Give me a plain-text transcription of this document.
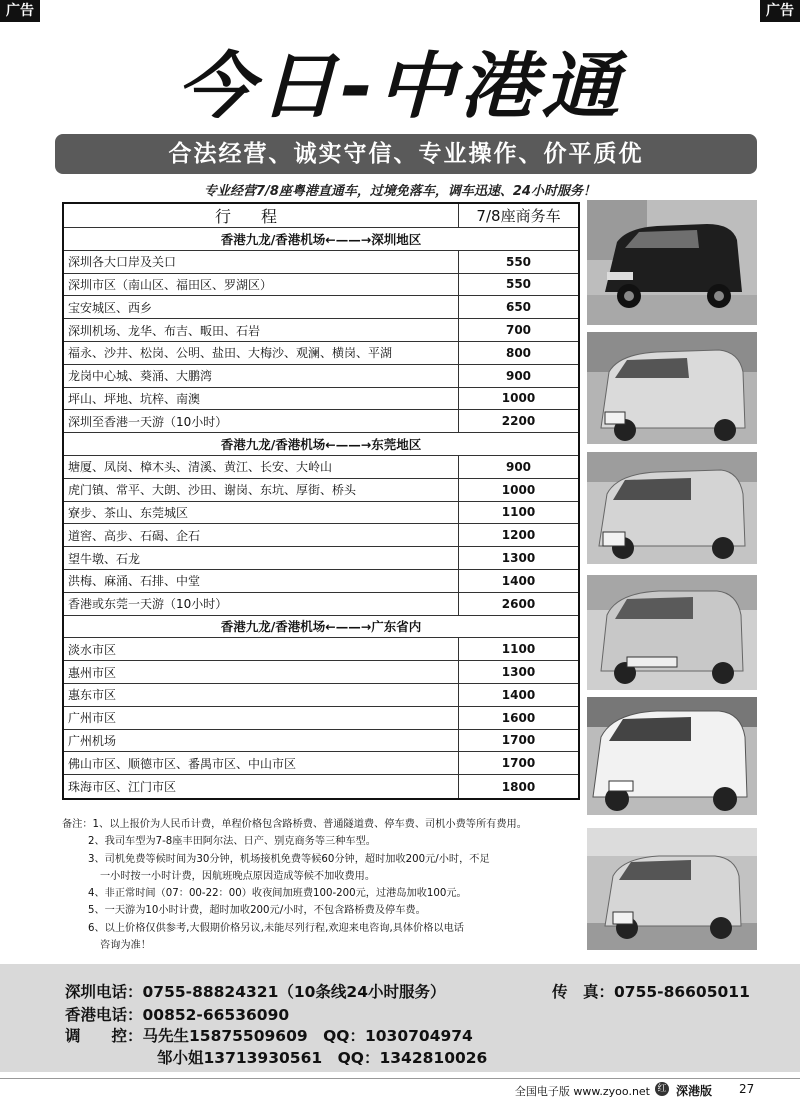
广告	广告
今日-中港通
合法经营、诚实守信、专业操作、价平质优
专业经营7/8座粤港直通车，过境免落车，调车迅速、24小时服务！
行程	7/8座商务车
香港九龙/香港机场←——→深圳地区
深圳各大口岸及关口	550
深圳市区（南山区、福田区、罗湖区）	550
宝安城区、西乡	650
深圳机场、龙华、布吉、畈田、石岩	700
福永、沙井、松岗、公明、盐田、大梅沙、观澜、横岗、平湖	800
龙岗中心城、葵涌、大鹏湾	900
坪山、坪地、坑梓、南澳	1000
深圳至香港一天游（10小时）	2200
香港九龙/香港机场←——→东莞地区
塘厦、凤岗、樟木头、清溪、黄江、长安、大岭山	900
虎门镇、常平、大朗、沙田、谢岗、东坑、厚街、桥头	1000
寮步、茶山、东莞城区	1100
道窖、高步、石碣、企石	1200
望牛墩、石龙	1300
洪梅、麻涌、石排、中堂	1400
香港或东莞一天游（10小时）	2600
香港九龙/香港机场←——→广东省内
淡水市区	1100
惠州市区	1300
惠东市区	1400
广州市区	1600
广州机场	1700
佛山市区、顺德市区、番禺市区、中山市区	1700
珠海市区、江门市区	1800
备注：1、以上报价为人民币计费，单程价格包含路桥费、普通隧道费、停车费、司机小费等所有费用。
2、我司车型为7-8座丰田阿尔法、日产、别克商务等三种车型。
3、司机免费等候时间为30分钟，机场接机免费等候60分钟，超时加收200元/小时，不足
一小时按一小时计费，因航班晚点原因造成等候不加收费用。
4、非正常时间（07：00-22：00）收夜间加班费100-200元，过港岛加收100元。
5、一天游为10小时计费，超时加收200元/小时，不包含路桥费及停车费。
6、以上价格仅供参考,大假期价格另议,未能尽列行程,欢迎来电咨询,具体价格以电话
咨询为准！
深圳电话：0755-88824321（10条线24小时服务）	传　真：0755-86605011
香港电话：00852-66536090
调　　控：马先生15875509609　QQ：1030704974
邹小姐13713930561　QQ：1342810026
全国电子版 www.zyoo.net 红 深港版 27
